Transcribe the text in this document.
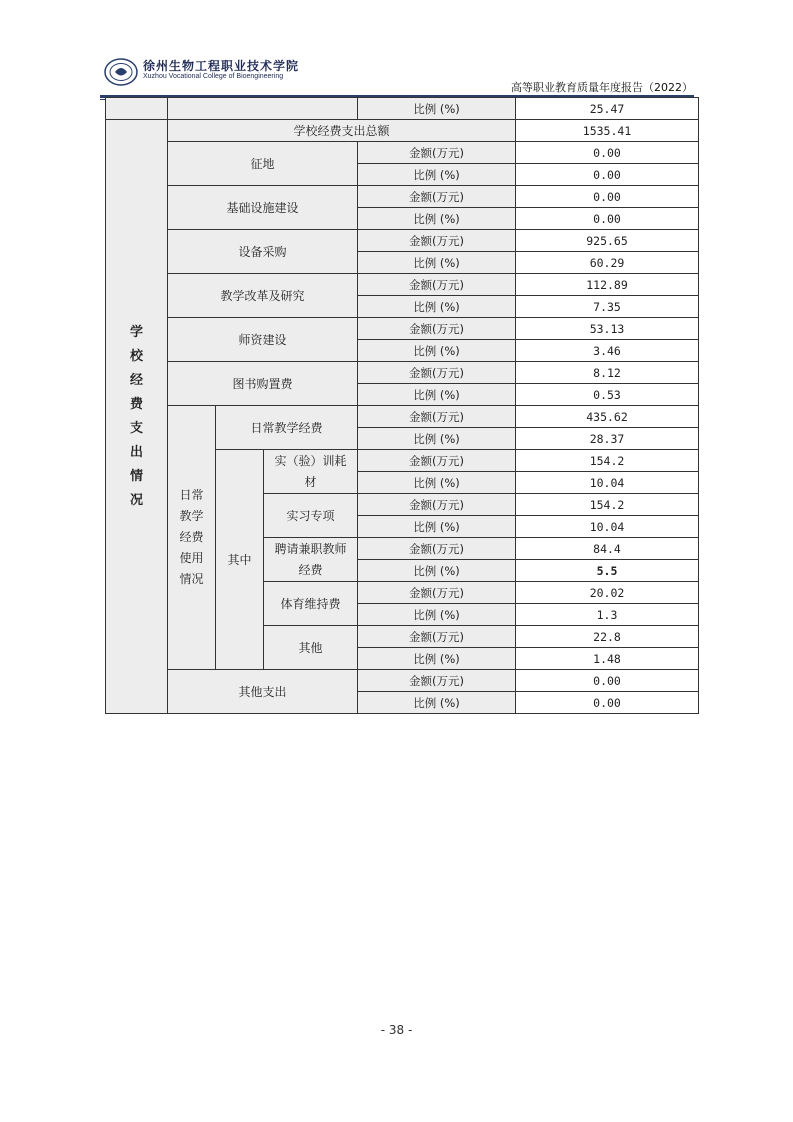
徐州生物工程职业技术学院
Xuzhou Vocational College of Bioengineering
高等职业教育质量年度报告（2022）
				比例 (%)	25.47
学校经费支出情况	学校经费支出总额				1535.41
	征地			金额(万元)	0.00
				比例 (%)	0.00
	基础设施建设			金额(万元)	0.00
				比例 (%)	0.00
	设备采购			金额(万元)	925.65
				比例 (%)	60.29
	教学改革及研究			金额(万元)	112.89
				比例 (%)	7.35
	师资建设			金额(万元)	53.13
				比例 (%)	3.46
	图书购置费			金额(万元)	8.12
				比例 (%)	0.53
	日常教学经费使用情况	日常教学经费		金额(万元)	435.62
				比例 (%)	28.37
		其中	实（验）训耗材	金额(万元)	154.2
				比例 (%)	10.04
			实习专项	金额(万元)	154.2
				比例 (%)	10.04
			聘请兼职教师经费	金额(万元)	84.4
				比例 (%)	5.5
			体育维持费	金额(万元)	20.02
				比例 (%)	1.3
			其他	金额(万元)	22.8
				比例 (%)	1.48
	其他支出			金额(万元)	0.00
				比例 (%)	0.00
- 38 -
